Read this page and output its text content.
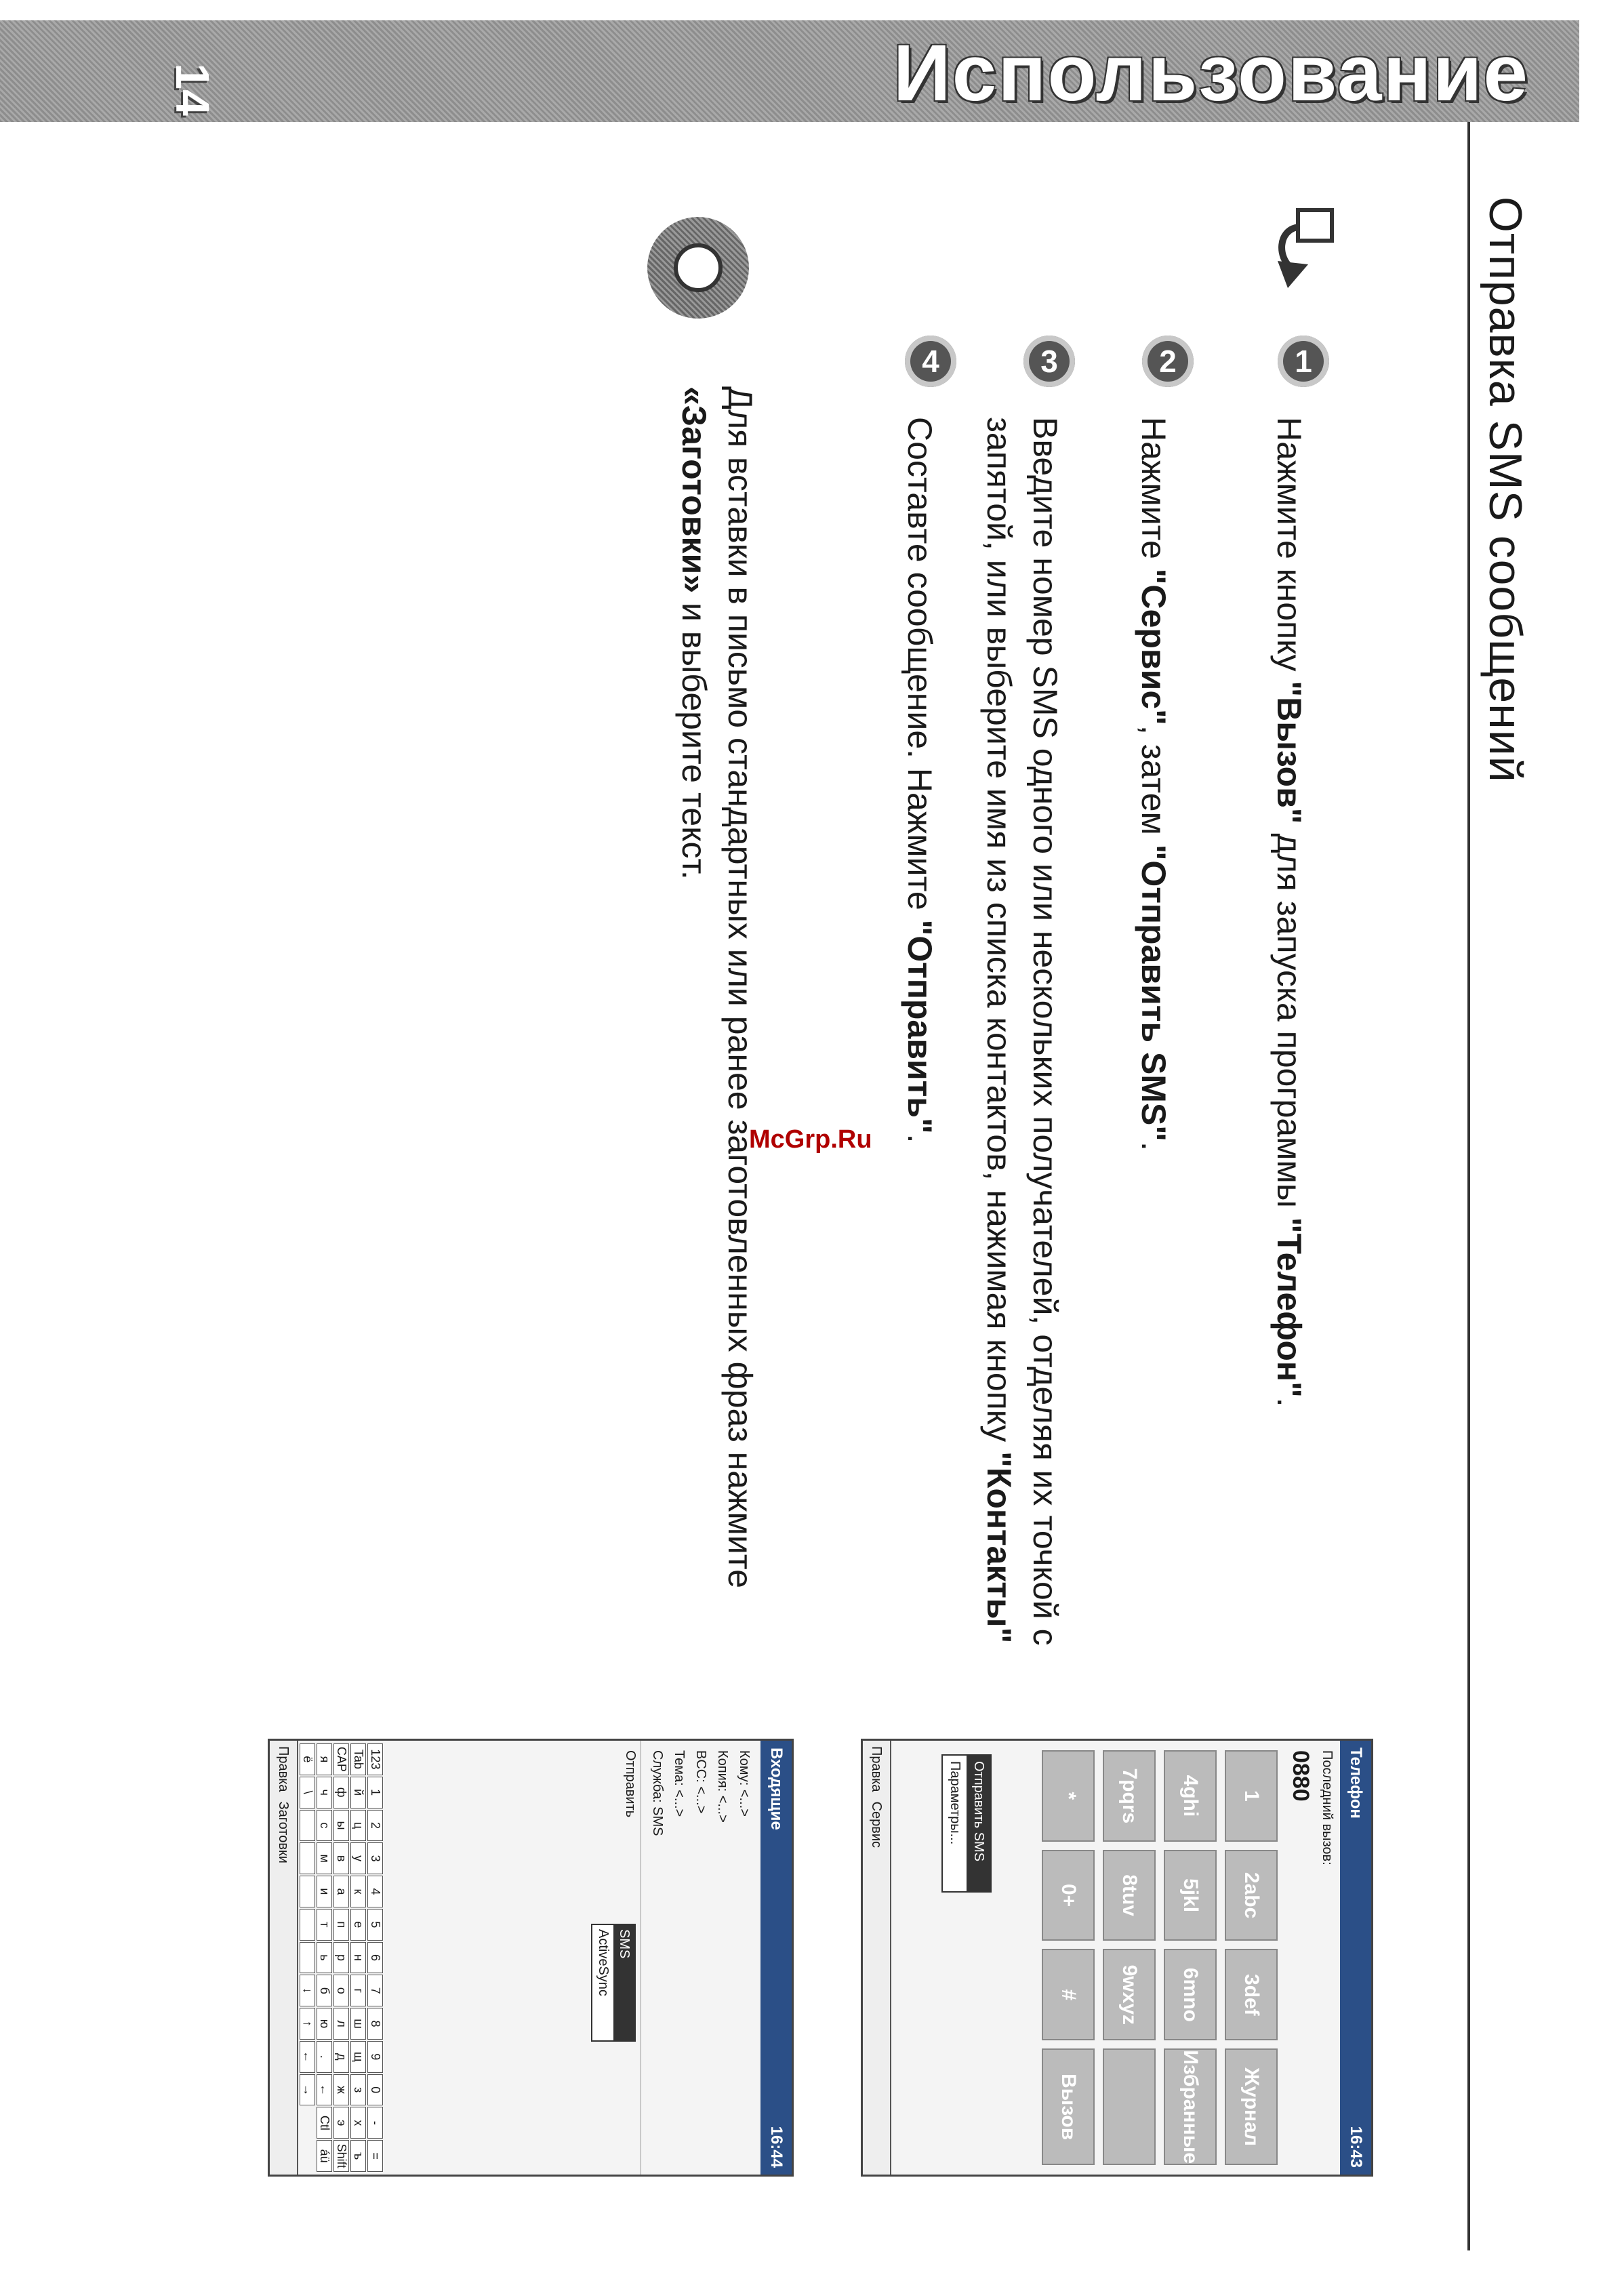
14	Использование
Отправка SMS сообщений
1
Нажмите кнопку "Вызов" для запуска программы "Телефон".
2
Нажмите "Сервис", затем "Отправить SMS".
3
Введите номер SMS одного или нескольких получателей, отделяя их точкой с
запятой, или выберите имя из списка контактов, нажимая кнопку "Контакты"
4
Составте сообщение. Нажмите "Отправить".
Для вставки в письмо стандартных или ранее заготовленных фраз нажмите
«Заготовки» и выберите текст.
McGrp.Ru
Телефон
16:43
Последний вызов:
0880
1
2abc
3def
Журнал
4ghi
5jkl
6mno
Избранные
7pqrs
8tuv
9wxyz
*
0+
#
Вызов
Отправить SMS
Параметры...
Правка
Сервис
Входящие
16:44
Кому: <...>
Копия: <...>
BCC: <...>
Тема: <...>
Служба: SMS
SMS
ActiveSync
Отправить
123
1
2
3
4
5
6
7
8
9
0
-
=
Tab
й
ц
у
к
е
н
г
ш
щ
з
х
ъ
CAP
ф
ы
в
а
п
р
о
л
д
ж
э
Shift
я
ч
с
м
и
т
ь
б
ю
.
←
Ctl
áü
ё
\
↓
↑
←
→
Правка
Заготовки
